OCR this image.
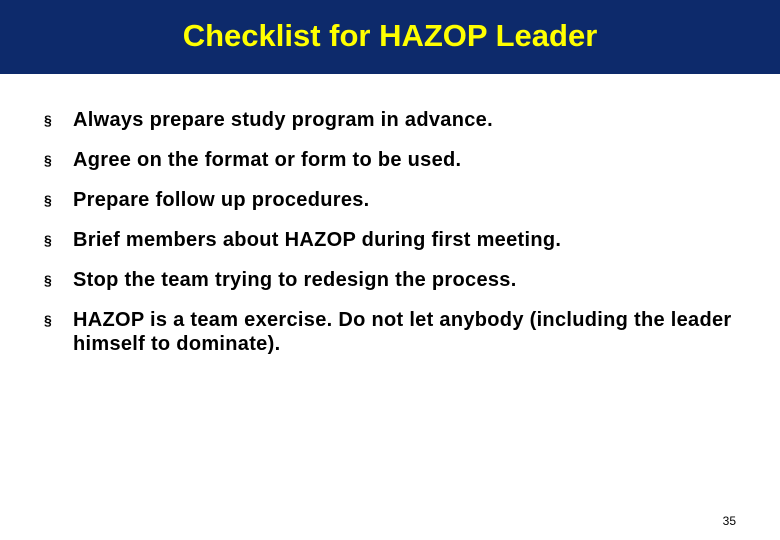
Checklist for HAZOP Leader
§	Always prepare study program in advance.
§	Agree on the format or form to be used.
§	Prepare follow up procedures.
§	Brief members about HAZOP during first meeting.
§	Stop the team trying to redesign the process.
§	HAZOP is a team exercise. Do not let anybody (including the leader himself to dominate).
35
